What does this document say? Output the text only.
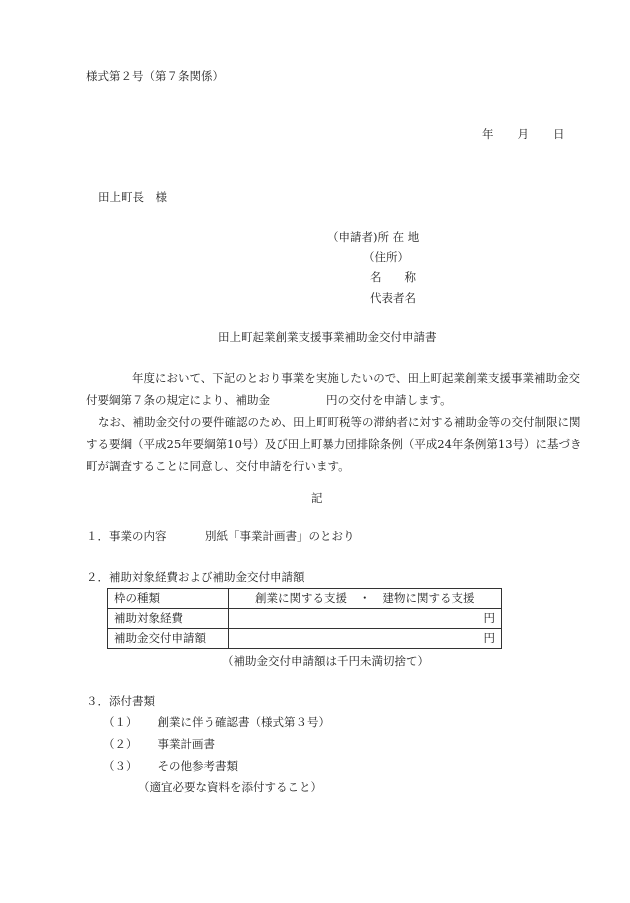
様式第２号（第７条関係）
年 月 日
田上町長　様
（申請者)所 在 地
（住所）
名　　称
代表者名
田上町起業創業支援事業補助金交付申請書

年度において、下記のとおり事業を実施したいので、田上町起業創業支援事業補助金交付要綱第７条の規定により、補助金	円の交付を申請します。

なお、補助金交付の要件確認のため、田上町町税等の滞納者に対する補助金等の交付制限に関する要綱（平成25年要綱第10号）及び田上町暴力団排除条例（平成24年条例第13号）に基づき町が調査することに同意し、交付申請を行います。

記
１．事業の内容	別紙「事業計画書」のとおり
２．補助対象経費および補助金交付申請額
枠の種類	創業に関する支援 ・ 建物に関する支援
補助対象経費	円
補助金交付申請額	円
（補助金交付申請額は千円未満切捨て）
３．添付書類
（１） 創業に伴う確認書（様式第３号）
（２） 事業計画書
（３） その他参考書類
（適宜必要な資料を添付すること）
